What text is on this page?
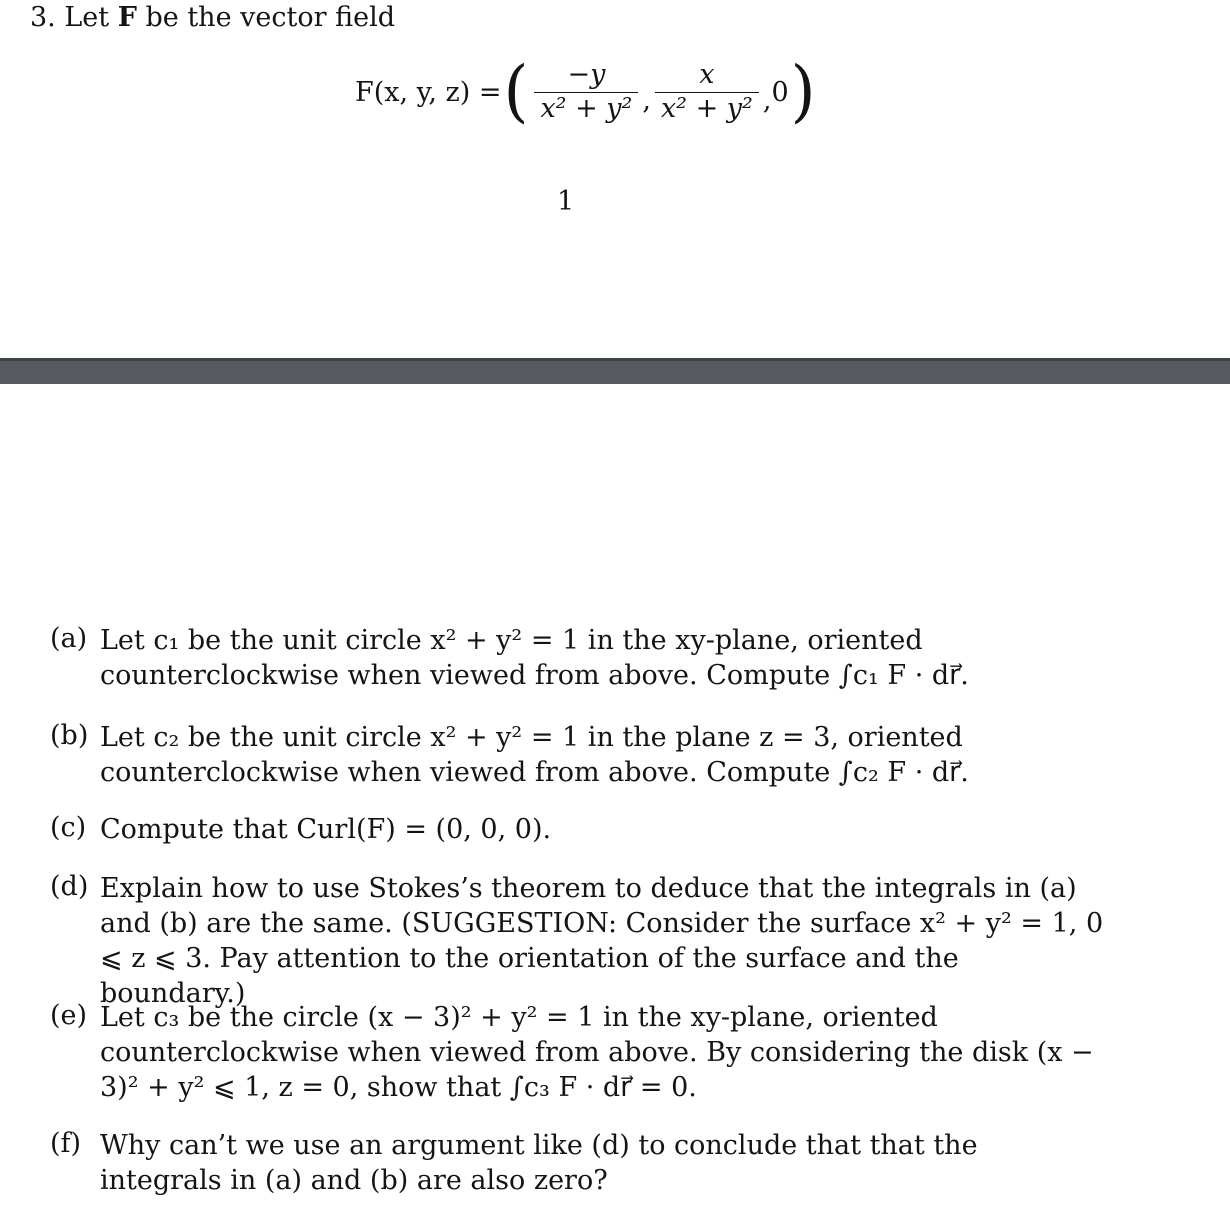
3. Let F be the vector field
F(x, y, z) = ( $\frac{-y}{\text{x² + y²}}$ , $\frac{x}{\text{x² + y²}}$ , 0 )
1
(a) Let c₁ be the unit circle x² + y² = 1 in the xy-plane, oriented counterclockwise when viewed from above. Compute ∫c₁ F · dr⃗.
(b) Let c₂ be the unit circle x² + y² = 1 in the plane z = 3, oriented counterclockwise when viewed from above. Compute ∫c₂ F · dr⃗.
(c) Compute that Curl(F) = (0, 0, 0).
(d) Explain how to use Stokes’s theorem to deduce that the integrals in (a) and (b) are the same. (SUGGESTION: Consider the surface x² + y² = 1, 0 ⩽ z ⩽ 3. Pay attention to the orientation of the surface and the boundary.)
(e) Let c₃ be the circle (x − 3)² + y² = 1 in the xy-plane, oriented counterclockwise when viewed from above. By considering the disk (x − 3)² + y² ⩽ 1, z = 0, show that ∫c₃ F · dr⃗ = 0.
(f) Why can’t we use an argument like (d) to conclude that that the integrals in (a) and (b) are also zero?
